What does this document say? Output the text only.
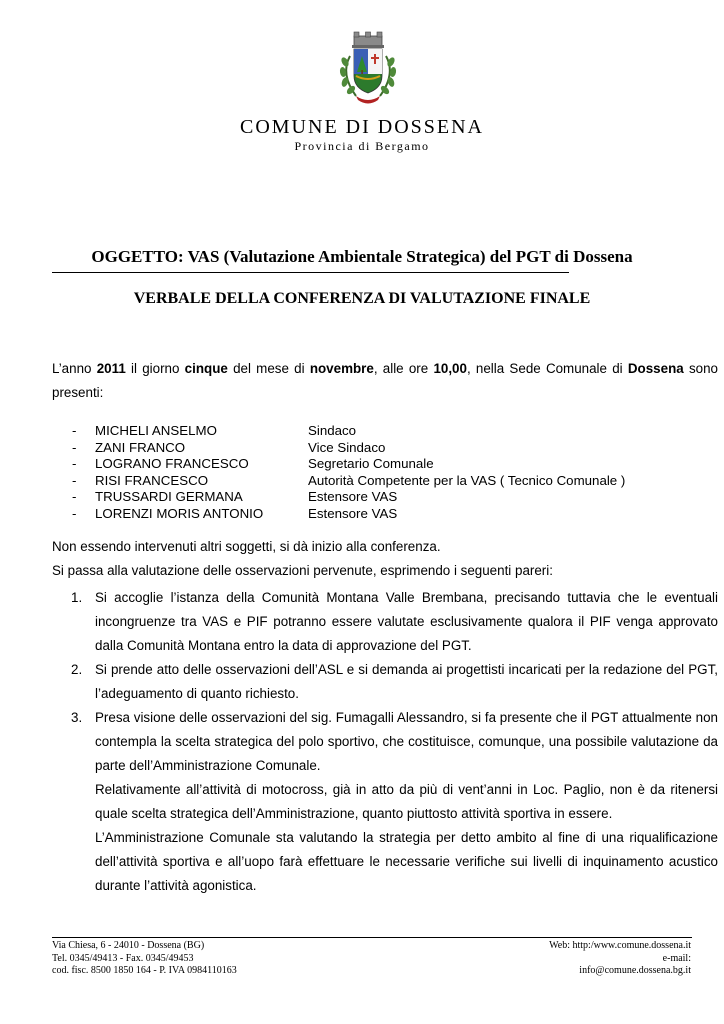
COMUNE DI DOSSENA
Provincia di Bergamo
OGGETTO: VAS (Valutazione Ambientale Strategica) del PGT di Dossena
VERBALE DELLA CONFERENZA DI VALUTAZIONE FINALE
L’anno 2011 il giorno cinque del mese di novembre, alle ore 10,00, nella Sede Comunale di Dossena sono presenti:
- MICHELI ANSELMO	Sindaco
- ZANI FRANCO	Vice Sindaco
- LOGRANO FRANCESCO	Segretario Comunale
- RISI FRANCESCO	Autorità Competente per la VAS ( Tecnico Comunale )
- TRUSSARDI GERMANA	Estensore VAS
- LORENZI MORIS ANTONIO	Estensore VAS
Non essendo intervenuti altri soggetti, si dà inizio alla conferenza.
Si passa alla valutazione delle osservazioni pervenute, esprimendo i seguenti pareri:
1. Si accoglie l’istanza della Comunità Montana Valle Brembana, precisando tuttavia che le eventuali incongruenze tra VAS e PIF potranno essere valutate esclusivamente qualora il PIF venga approvato dalla Comunità Montana entro la data di approvazione del PGT.

2. Si prende atto delle osservazioni dell’ASL e si demanda ai progettisti incaricati per la redazione del PGT, l’adeguamento di quanto richiesto.

3. Presa visione delle osservazioni del sig. Fumagalli Alessandro, si fa presente che il PGT attualmente non contempla la scelta strategica del polo sportivo, che costituisce, comunque, una possibile valutazione da parte dell’Amministrazione Comunale.

Relativamente all’attività di motocross, già in atto da più di vent’anni in Loc. Paglio, non è da ritenersi quale scelta strategica dell’Amministrazione, quanto piuttosto attività sportiva in essere.

L’Amministrazione Comunale sta valutando la strategia per detto ambito al fine di una riqualificazione dell’attività sportiva e all’uopo farà effettuare le necessarie verifiche sui livelli di inquinamento acustico durante l’attività agonistica.

Via Chiesa, 6 - 24010 - Dossena (BG)
Tel. 0345/49413 - Fax. 0345/49453
cod. fisc. 8500 1850 164 - P. IVA 0984110163
Web: http:/www.comune.dossena.it
e-mail:
info@comune.dossena.bg.it
